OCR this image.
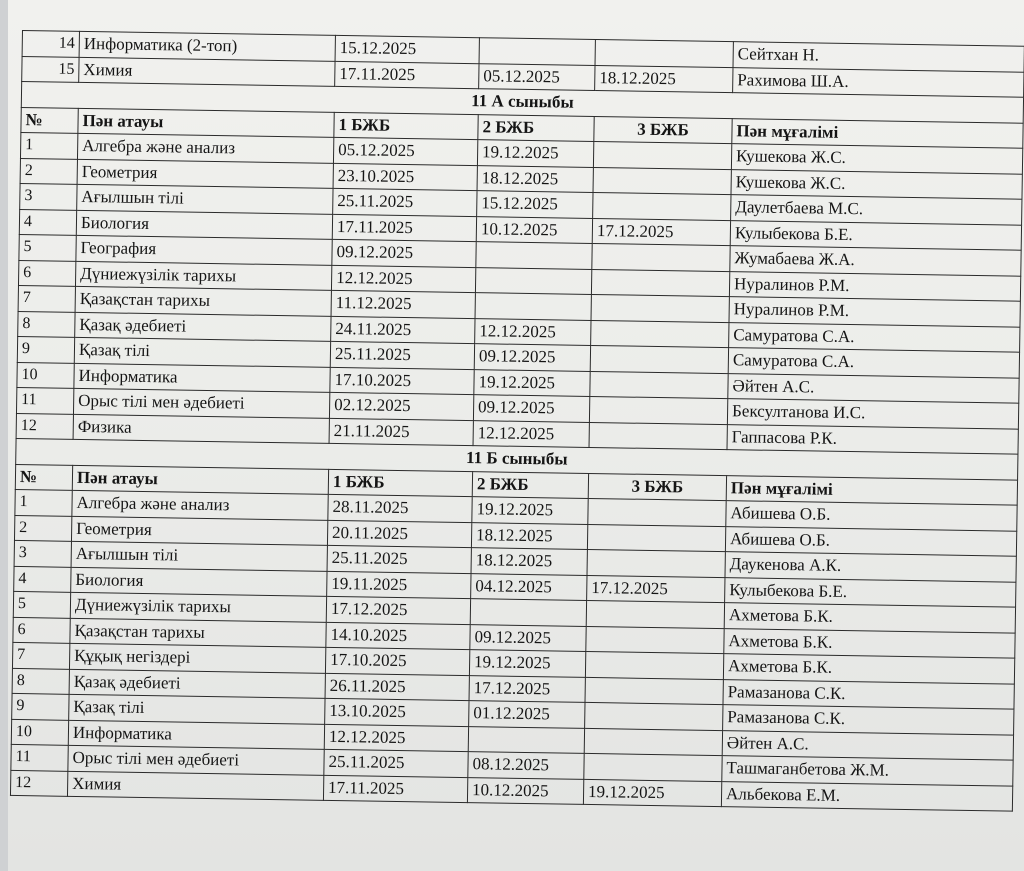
14	Информатика (2-топ)	15.12.2025			Сейтхан Н.
15	Химия	17.11.2025	05.12.2025	18.12.2025	Рахимова Ш.А.
11 А сыныбы					
№	Пән атауы	1 БЖБ	2 БЖБ	3 БЖБ	Пән мұғалімі
1	Алгебра және анализ	05.12.2025	19.12.2025		Кушекова Ж.С.
2	Геометрия	23.10.2025	18.12.2025		Кушекова Ж.С.
3	Ағылшын тілі	25.11.2025	15.12.2025		Даулетбаева М.С.
4	Биология	17.11.2025	10.12.2025	17.12.2025	Кулыбекова Б.Е.
5	География	09.12.2025			Жумабаева Ж.А.
6	Дүниежүзілік тарихы	12.12.2025			Нуралинов Р.М.
7	Қазақстан тарихы	11.12.2025			Нуралинов Р.М.
8	Қазақ әдебиеті	24.11.2025	12.12.2025		Самуратова С.А.
9	Қазақ тілі	25.11.2025	09.12.2025		Самуратова С.А.
10	Информатика	17.10.2025	19.12.2025		Әйтен А.С.
11	Орыс тілі мен әдебиеті	02.12.2025	09.12.2025		Бексултанова И.С.
12	Физика	21.11.2025	12.12.2025		Гаппасова Р.К.
11 Б сыныбы					
№	Пән атауы	1 БЖБ	2 БЖБ	3 БЖБ	Пән мұғалімі
1	Алгебра және анализ	28.11.2025	19.12.2025		Абишева О.Б.
2	Геометрия	20.11.2025	18.12.2025		Абишева О.Б.
3	Ағылшын тілі	25.11.2025	18.12.2025		Даукенова А.К.
4	Биология	19.11.2025	04.12.2025	17.12.2025	Кулыбекова Б.Е.
5	Дүниежүзілік тарихы	17.12.2025			Ахметова Б.К.
6	Қазақстан тарихы	14.10.2025	09.12.2025		Ахметова Б.К.
7	Құқық негіздері	17.10.2025	19.12.2025		Ахметова Б.К.
8	Қазақ әдебиеті	26.11.2025	17.12.2025		Рамазанова С.К.
9	Қазақ тілі	13.10.2025	01.12.2025		Рамазанова С.К.
10	Информатика	12.12.2025			Әйтен А.С.
11	Орыс тілі мен әдебиеті	25.11.2025	08.12.2025		Ташмаганбетова Ж.М.
12	Химия	17.11.2025	10.12.2025	19.12.2025	Альбекова Е.М.
